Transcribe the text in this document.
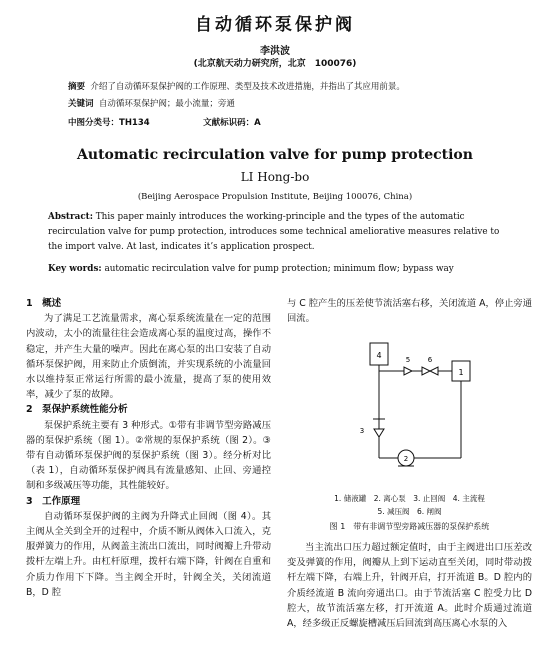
自动循环泵保护阀
李洪波
(北京航天动力研究所，北京　100076)
摘要 介绍了自动循环泵保护阀的工作原理、类型及技术改进措施，并指出了其应用前景。
关键词 自动循环泵保护阀；最小流量；旁通
中图分类号：TH134	文献标识码：A
Automatic recirculation valve for pump protection
LI Hong-bo
(Beijing Aerospace Propulsion Institute, Beijing 100076, China)
Abstract: This paper mainly introduces the working-principle and the types of the automatic recirculation valve for pump protection, introduces some technical ameliorative measures relative to the import valve. At last, indicates it’s application prospect.
Key words: automatic recirculation valve for pump protection; minimum flow; bypass way
1　概述

为了满足工艺流量需求，离心泵系统流量在一定的范围内波动，太小的流量往往会造成离心泵的温度过高，操作不稳定，并产生大量的噪声。因此在离心泵的出口安装了自动循环泵保护阀，用来防止介质倒流，并实现系统的小流量回水以维持泵正常运行所需的最小流量，提高了泵的使用效率，减少了泵的故障。

2　泵保护系统性能分析

泵保护系统主要有 3 种形式。①带有非调节型旁路减压器的泵保护系统（图 1）。②常规的泵保护系统（图 2）。③带有自动循环泵保护阀的泵保护系统（图 3）。经分析对比（表 1），自动循环泵保护阀具有流量感知、止回、旁通控制和多级减压等功能，其性能较好。

3　工作原理

自动循环泵保护阀的主阀为升降式止回阀（图 4）。其主阀从全关到全开的过程中，介质不断从阀体入口流入，克服弹簧力的作用，从阀盖主流出口流出，同时阀瓣上升带动拨杆左端上升。由杠杆原理，拨杆右端下降，针阀在自重和介质力作用下下降。当主阀全开时，针阀全关，关闭流道 B，D 腔

与 C 腔产生的压差使节流活塞右移，关闭流道 A，停止旁通回流。

4
1
5	6
3
2
1. 储液罐　2. 离心泵　3. 止回阀　4. 主流程
5. 减压阀　6. 闸阀
图 1　带有非调节型旁路减压器的泵保护系统

当主流出口压力超过额定值时，由于主阀进出口压差改变及弹簧的作用，阀瓣从上到下运动直至关闭，同时带动拨杆左端下降，右端上升，针阀开启，打开流道 B。D 腔内的介质经流道 B 流向旁通出口。由于节流活塞 C 腔受力比 D 腔大，故节流活塞左移，打开流道 A。此时介质通过流道 A，经多级正反螺旋槽减压后回流到高压离心水泵的入
